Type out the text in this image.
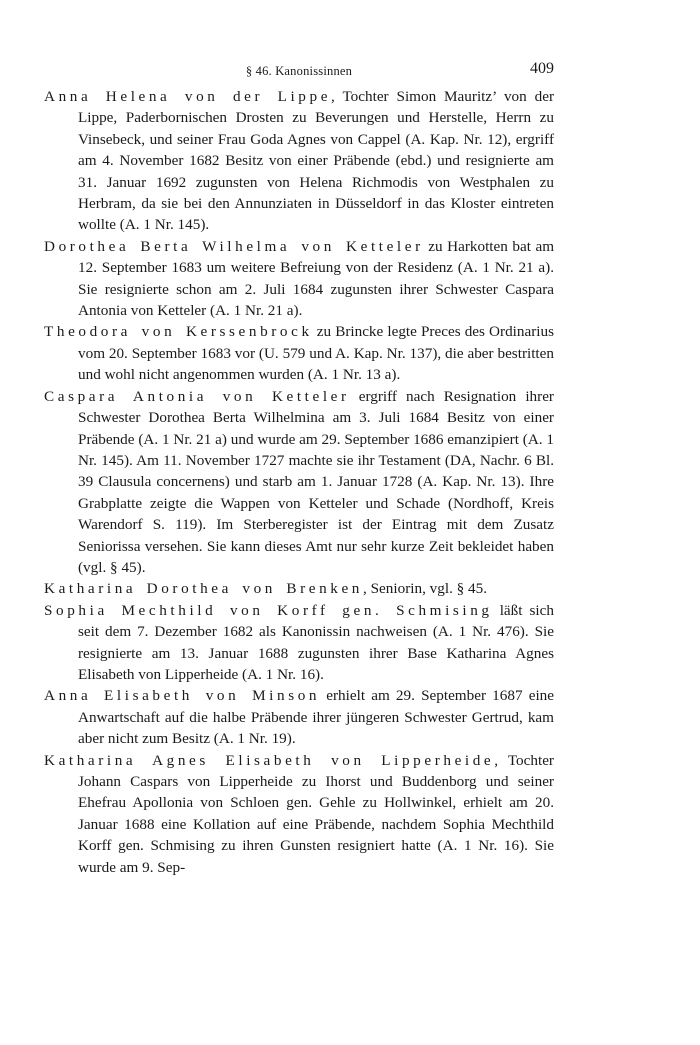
§ 46. Kanonissinnen	409

Anna Helena von der Lippe, Tochter Simon Mauritz’ von der Lippe, Paderbornischen Drosten zu Beverungen und Herstelle, Herrn zu Vinsebeck, und seiner Frau Goda Agnes von Cappel (A. Kap. Nr. 12), ergriff am 4. November 1682 Besitz von einer Präbende (ebd.) und resignierte am 31. Januar 1692 zugunsten von Helena Richmodis von Westphalen zu Herbram, da sie bei den Annunziaten in Düsseldorf in das Kloster eintreten wollte (A. 1 Nr. 145).

Dorothea Berta Wilhelma von Ketteler zu Harkotten bat am 12. September 1683 um weitere Befreiung von der Residenz (A. 1 Nr. 21 a). Sie resignierte schon am 2. Juli 1684 zugunsten ihrer Schwester Caspara Antonia von Ketteler (A. 1 Nr. 21 a).

Theodora von Kerssenbrock zu Brincke legte Preces des Ordinarius vom 20. September 1683 vor (U. 579 und A. Kap. Nr. 137), die aber bestritten und wohl nicht angenommen wurden (A. 1 Nr. 13 a).

Caspara Antonia von Ketteler ergriff nach Resignation ihrer Schwester Dorothea Berta Wilhelmina am 3. Juli 1684 Besitz von einer Präbende (A. 1 Nr. 21 a) und wurde am 29. September 1686 emanzipiert (A. 1 Nr. 145). Am 11. November 1727 machte sie ihr Testament (DA, Nachr. 6 Bl. 39 Clausula concernens) und starb am 1. Januar 1728 (A. Kap. Nr. 13). Ihre Grabplatte zeigte die Wappen von Ketteler und Schade (Nordhoff, Kreis Warendorf S. 119). Im Sterberegister ist der Eintrag mit dem Zusatz Seniorissa versehen. Sie kann dieses Amt nur sehr kurze Zeit bekleidet haben (vgl. § 45).

Katharina Dorothea von Brenken, Seniorin, vgl. § 45.

Sophia Mechthild von Korff gen. Schmising läßt sich seit dem 7. Dezember 1682 als Kanonissin nachweisen (A. 1 Nr. 476). Sie resignierte am 13. Januar 1688 zugunsten ihrer Base Katharina Agnes Elisabeth von Lipperheide (A. 1 Nr. 16).

Anna Elisabeth von Minson erhielt am 29. September 1687 eine Anwartschaft auf die halbe Präbende ihrer jüngeren Schwester Gertrud, kam aber nicht zum Besitz (A. 1 Nr. 19).

Katharina Agnes Elisabeth von Lipperheide, Tochter Johann Caspars von Lipperheide zu Ihorst und Buddenborg und seiner Ehefrau Apollonia von Schloen gen. Gehle zu Hollwinkel, erhielt am 20. Januar 1688 eine Kollation auf eine Präbende, nachdem Sophia Mechthild Korff gen. Schmising zu ihren Gunsten resigniert hatte (A. 1 Nr. 16). Sie wurde am 9. Sep-
